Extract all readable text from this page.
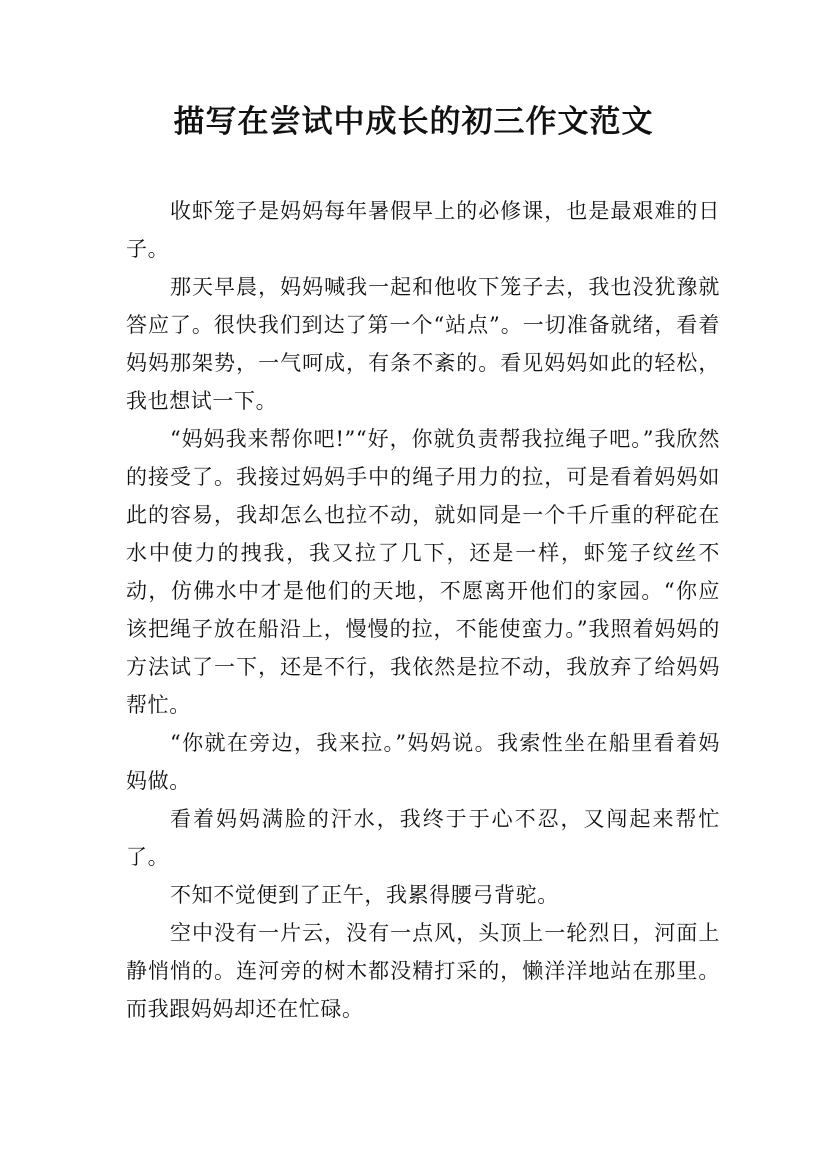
描写在尝试中成长的初三作文范文

收虾笼子是妈妈每年暑假早上的必修课，也是最艰难的日子。

那天早晨，妈妈喊我一起和他收下笼子去，我也没犹豫就答应了。很快我们到达了第一个“站点”。一切准备就绪，看着妈妈那架势，一气呵成，有条不紊的。看见妈妈如此的轻松，我也想试一下。

“妈妈我来帮你吧!”“好，你就负责帮我拉绳子吧。”我欣然的接受了。我接过妈妈手中的绳子用力的拉，可是看着妈妈如此的容易，我却怎么也拉不动，就如同是一个千斤重的秤砣在水中使力的拽我，我又拉了几下，还是一样，虾笼子纹丝不动，仿佛水中才是他们的天地，不愿离开他们的家园。“你应该把绳子放在船沿上，慢慢的拉，不能使蛮力。”我照着妈妈的方法试了一下，还是不行，我依然是拉不动，我放弃了给妈妈帮忙。

“你就在旁边，我来拉。”妈妈说。我索性坐在船里看着妈妈做。

看着妈妈满脸的汗水，我终于于心不忍，又闯起来帮忙了。

不知不觉便到了正午，我累得腰弓背驼。

空中没有一片云，没有一点风，头顶上一轮烈日，河面上静悄悄的。连河旁的树木都没精打采的，懒洋洋地站在那里。而我跟妈妈却还在忙碌。
